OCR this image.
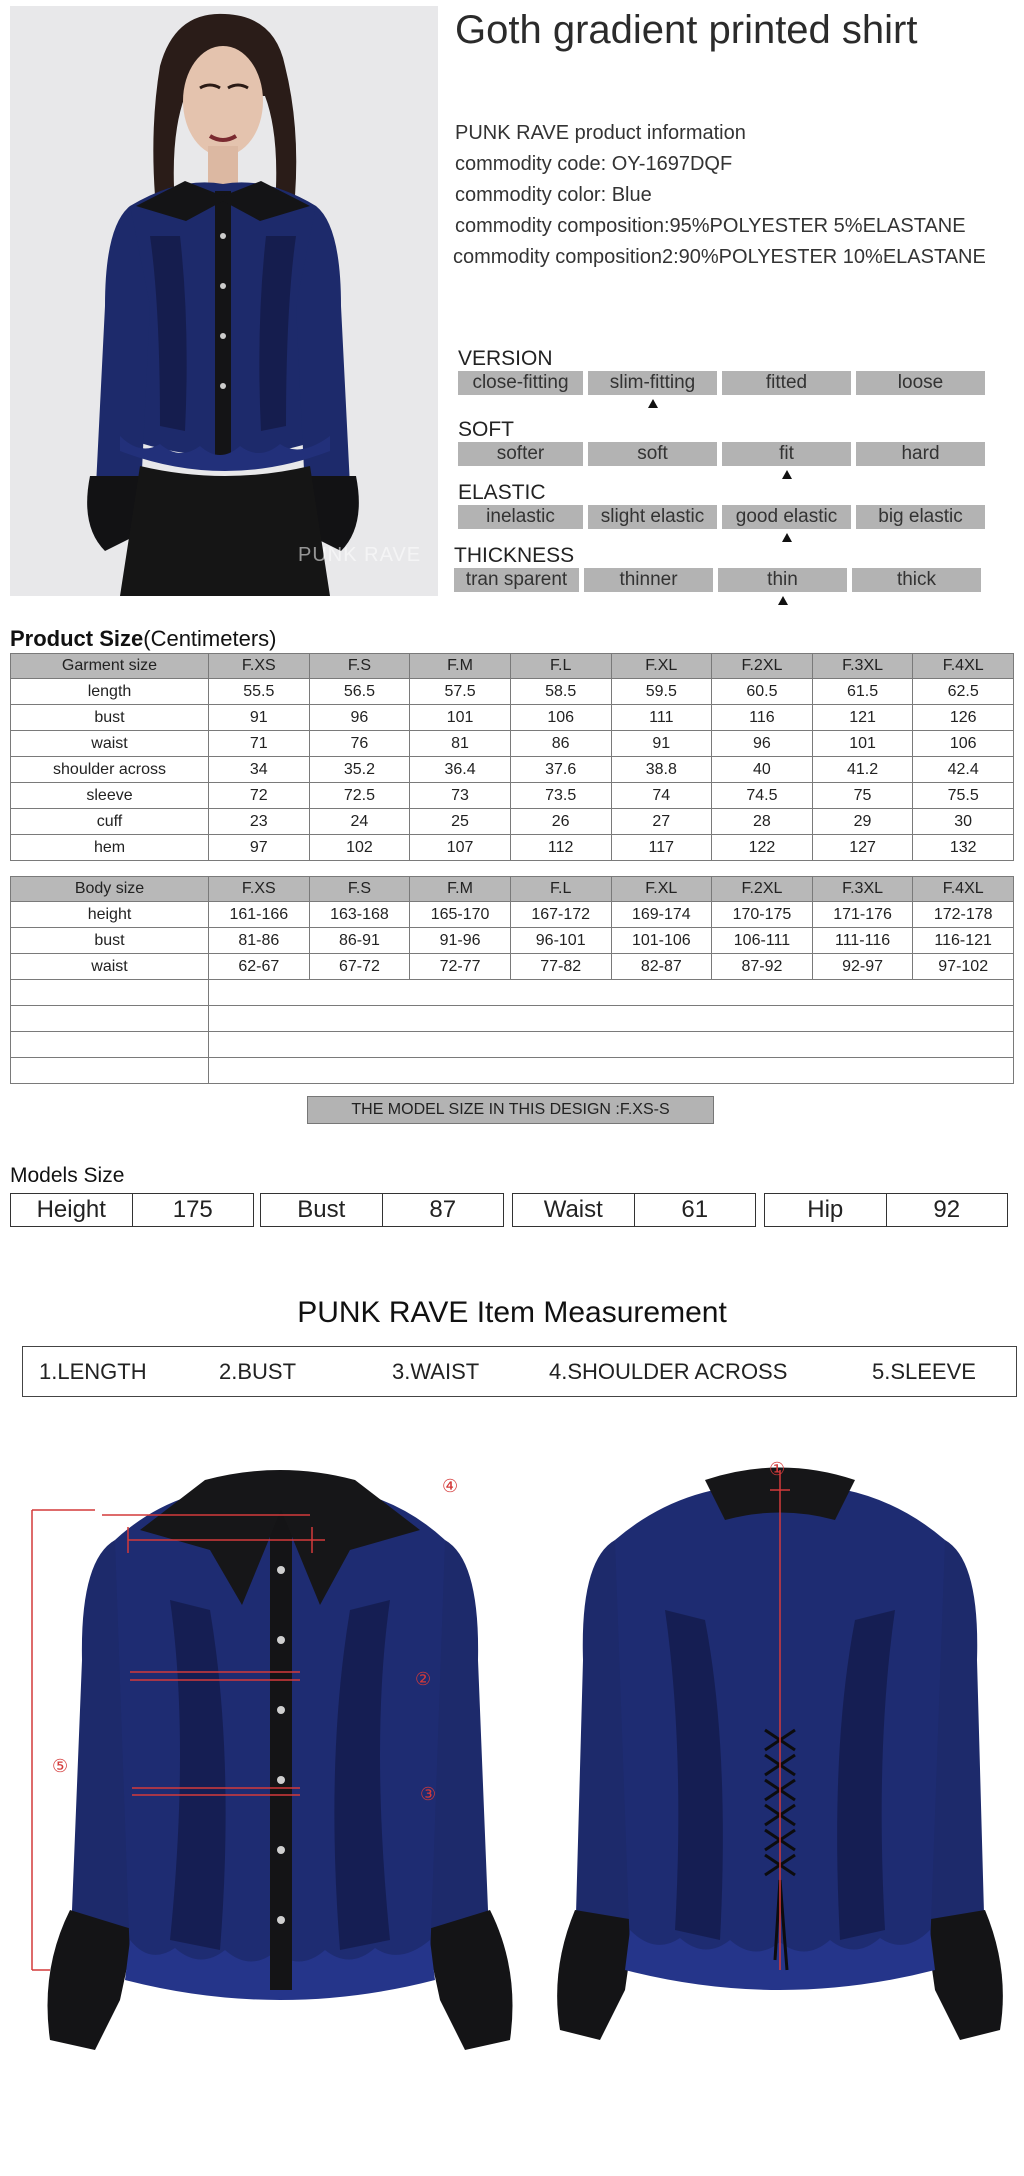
PUNK RAVE
Goth gradient printed shirt
PUNK RAVE product information
commodity code: OY-1697DQF
commodity color: Blue
commodity composition:95%POLYESTER 5%ELASTANE
commodity composition2:90%POLYESTER 10%ELASTANE
VERSION
close-fitting	slim-fitting	fitted	loose
SOFT
softer	soft	fit	hard
ELASTIC
inelastic	slight elastic	good elastic	big elastic
THICKNESS
tran sparent	thinner	thin	thick
Product Size(Centimeters)
Garment size	F.XS	F.S	F.M	F.L	F.XL	F.2XL	F.3XL	F.4XL
length	55.5	56.5	57.5	58.5	59.5	60.5	61.5	62.5
bust	91	96	101	106	111	116	121	126
waist	71	76	81	86	91	96	101	106
shoulder across	34	35.2	36.4	37.6	38.8	40	41.2	42.4
sleeve	72	72.5	73	73.5	74	74.5	75	75.5
cuff	23	24	25	26	27	28	29	30
hem	97	102	107	112	117	122	127	132
Body size	F.XS	F.S	F.M	F.L	F.XL	F.2XL	F.3XL	F.4XL
height	161-166	163-168	165-170	167-172	169-174	170-175	171-176	172-178
bust	81-86	86-91	91-96	96-101	101-106	106-111	111-116	116-121
waist	62-67	67-72	72-77	77-82	82-87	87-92	92-97	97-102

THE MODEL SIZE IN THIS DESIGN :F.XS-S
Models Size
Height	175	Bust	87	Waist	61	Hip	92
PUNK RAVE Item Measurement
1.LENGTH	2.BUST	3.WAIST	4.SHOULDER ACROSS	5.SLEEVE
④
②
③
⑤
①
